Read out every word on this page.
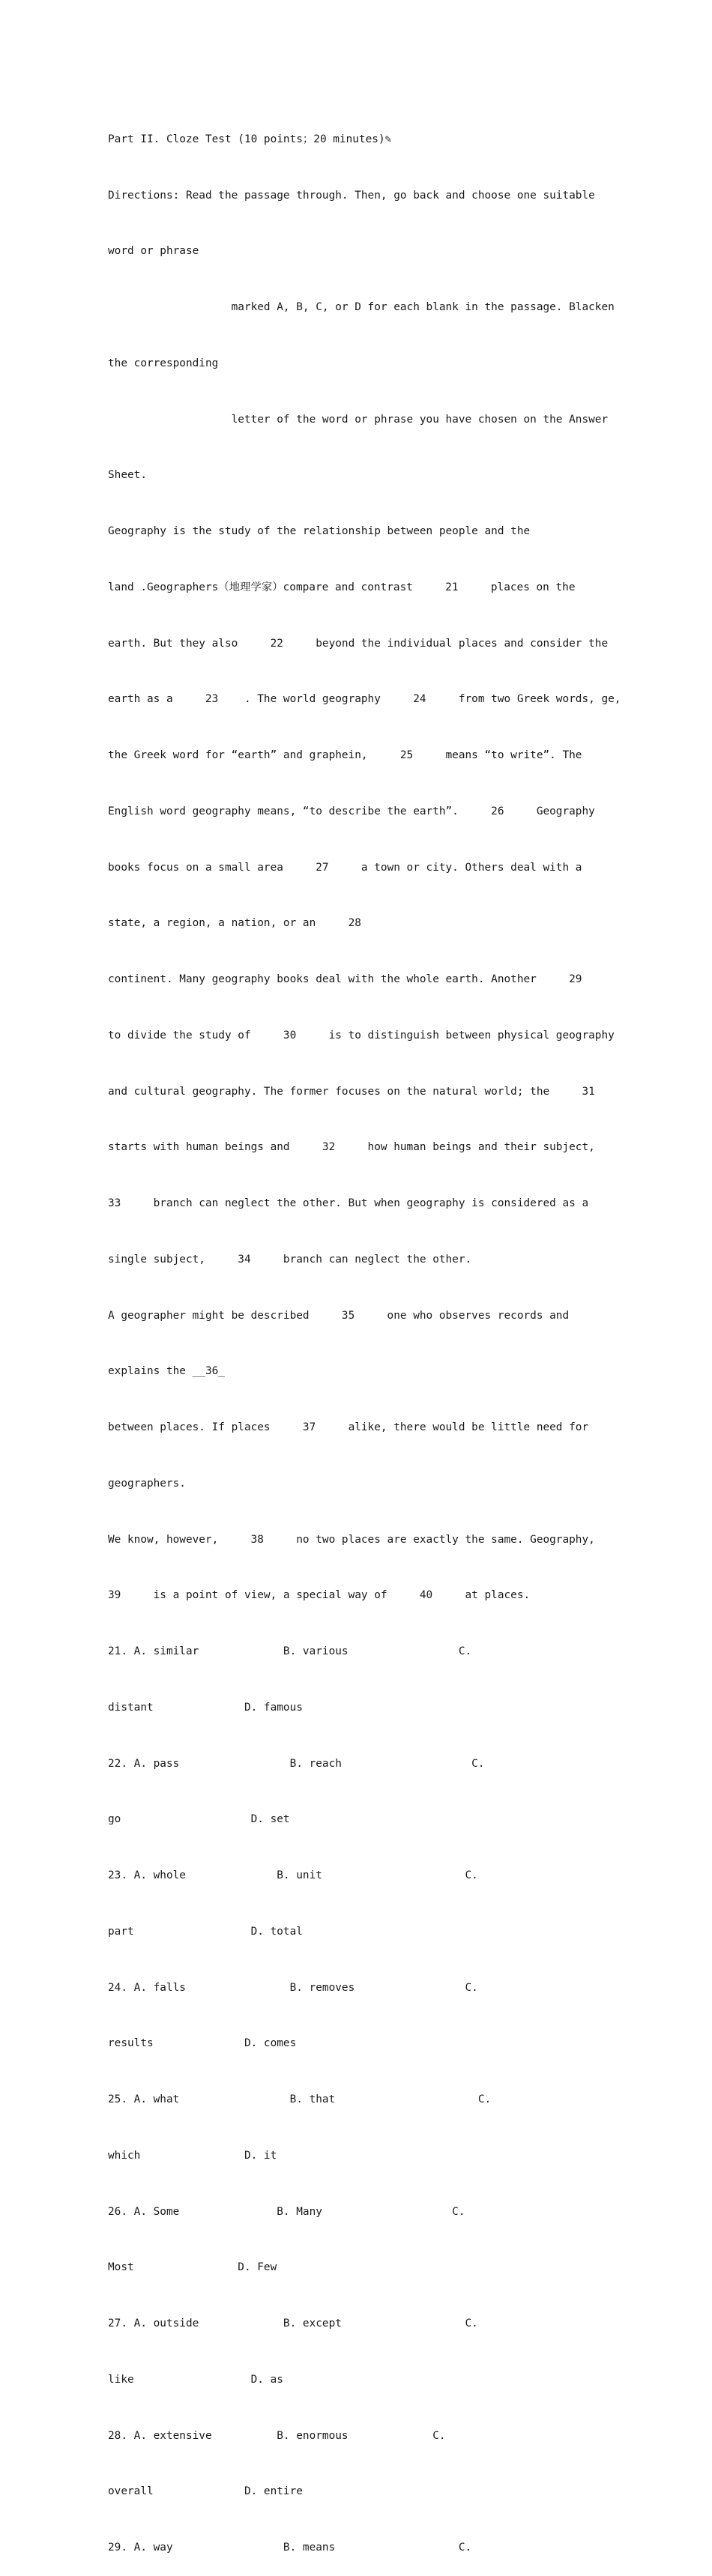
Part II. Cloze Test (10 points；20 minutes)✎

Directions: Read the passage through. Then, go back and choose one suitable

word or phrase

marked A, B, C, or D for each blank in the passage. Blacken

the corresponding

letter of the word or phrase you have chosen on the Answer

Sheet.

Geography is the study of the relationship between people and the

land .Geographers（地理学家）compare and contrast     21     places on the

earth. But they also     22     beyond the individual places and consider the

earth as a     23    . The world geography     24     from two Greek words, ge,

the Greek word for “earth” and graphein,     25     means “to write”. The

English word geography means, “to describe the earth”.     26     Geography

books focus on a small area     27     a town or city. Others deal with a

state, a region, a nation, or an     28

continent. Many geography books deal with the whole earth. Another     29

to divide the study of     30     is to distinguish between physical geography

and cultural geography. The former focuses on the natural world; the     31

starts with human beings and     32     how human beings and their subject,

33     branch can neglect the other. But when geography is considered as a

single subject,     34     branch can neglect the other.

A geographer might be described     35     one who observes records and

explains the __36_

between places. If places     37     alike, there would be little need for

geographers.

We know, however,     38     no two places are exactly the same. Geography,

39     is a point of view, a special way of     40     at places.

21. A. similar             B. various                 C.

distant              D. famous

22. A. pass                 B. reach                    C.

go                    D. set

23. A. whole              B. unit                      C.

part                  D. total

24. A. falls                B. removes                 C.

results              D. comes

25. A. what                 B. that                      C.

which                D. it

26. A. Some               B. Many                    C.

Most                D. Few

27. A. outside             B. except                   C.

like                  D. as

28. A. extensive          B. enormous             C.

overall              D. entire

29. A. way                 B. means                   C.
